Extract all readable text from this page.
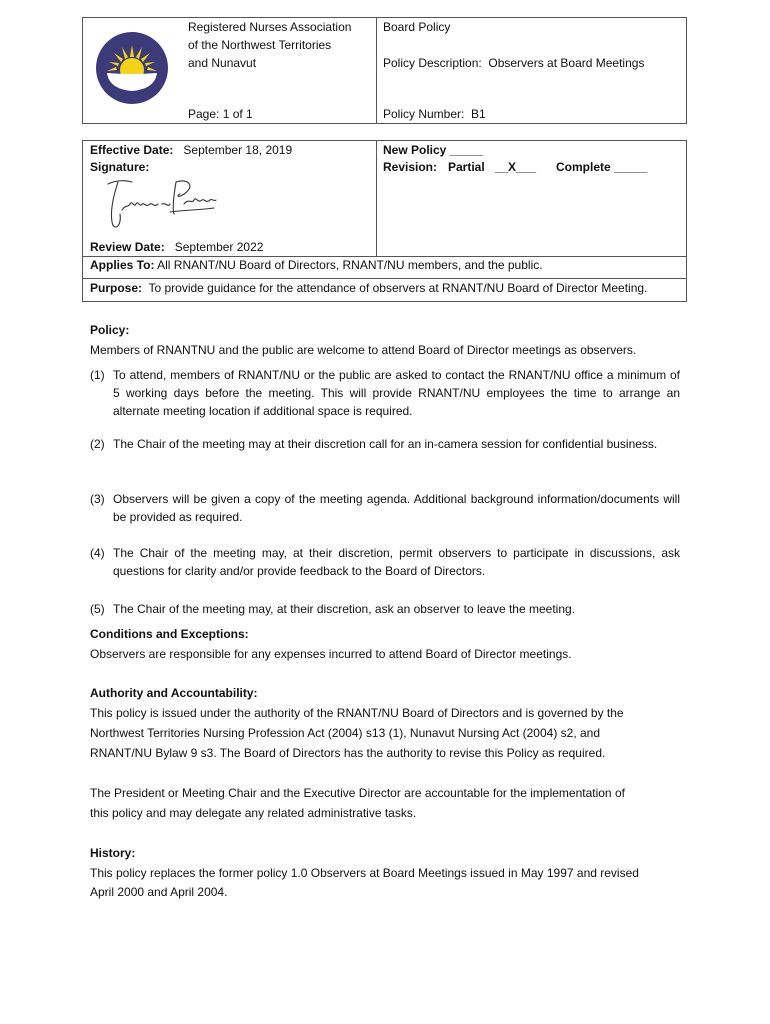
Registered Nurses Association
of the Northwest Territories
and Nunavut
Page: 1 of 1
Board Policy
Policy Description:  Observers at Board Meetings
Policy Number:  B1
Effective Date: September 18, 2019
Signature:
Review Date: September 2022
New Policy _____
Revision: Partial   __X___ Complete _____
Applies To: All RNANT/NU Board of Directors, RNANT/NU members, and the public.
Purpose: To provide guidance for the attendance of observers at RNANT/NU Board of Director Meeting.
Policy:
Members of RNANTNU and the public are welcome to attend Board of Director meetings as observers.
(1) To attend, members of RNANT/NU or the public are asked to contact the RNANT/NU office a minimum of 5 working days before the meeting. This will provide RNANT/NU employees the time to arrange an alternate meeting location if additional space is required.
(2) The Chair of the meeting may at their discretion call for an in-camera session for confidential business.
(3) Observers will be given a copy of the meeting agenda. Additional background information/documents will be provided as required.
(4) The Chair of the meeting may, at their discretion, permit observers to participate in discussions, ask questions for clarity and/or provide feedback to the Board of Directors.
(5) The Chair of the meeting may, at their discretion, ask an observer to leave the meeting.
Conditions and Exceptions:
Observers are responsible for any expenses incurred to attend Board of Director meetings.
Authority and Accountability:
This policy is issued under the authority of the RNANT/NU Board of Directors and is governed by the
Northwest Territories Nursing Profession Act (2004) s13 (1), Nunavut Nursing Act (2004) s2, and
RNANT/NU Bylaw 9 s3. The Board of Directors has the authority to revise this Policy as required.
The President or Meeting Chair and the Executive Director are accountable for the implementation of
this policy and may delegate any related administrative tasks.
History:
This policy replaces the former policy 1.0 Observers at Board Meetings issued in May 1997 and revised
April 2000 and April 2004.
